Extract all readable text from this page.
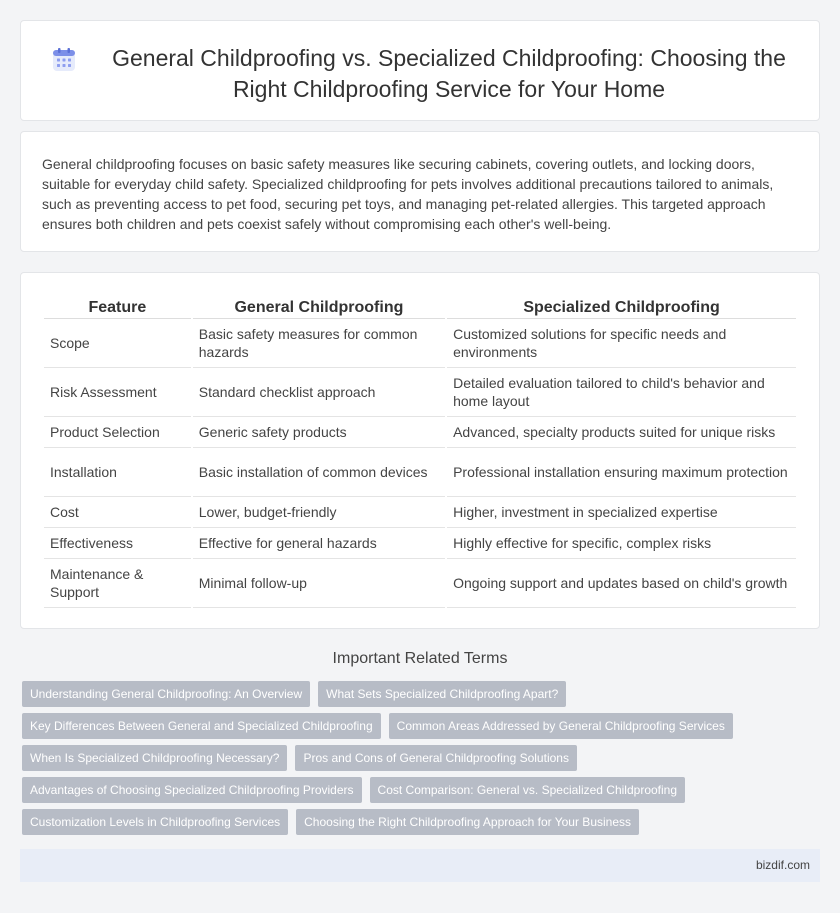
General Childproofing vs. Specialized Childproofing: Choosing the Right Childproofing Service for Your Home

General childproofing focuses on basic safety measures like securing cabinets, covering outlets, and locking doors, suitable for everyday child safety. Specialized childproofing for pets involves additional precautions tailored to animals, such as preventing access to pet food, securing pet toys, and managing pet-related allergies. This targeted approach ensures both children and pets coexist safely without compromising each other's well-being.

Feature	General Childproofing	Specialized Childproofing
Scope	Basic safety measures for common hazards	Customized solutions for specific needs and environments
Risk Assessment	Standard checklist approach	Detailed evaluation tailored to child's behavior and home layout
Product Selection	Generic safety products	Advanced, specialty products suited for unique risks
Installation	Basic installation of common devices	Professional installation ensuring maximum protection
Cost	Lower, budget-friendly	Higher, investment in specialized expertise
Effectiveness	Effective for general hazards	Highly effective for specific, complex risks
Maintenance & Support	Minimal follow-up	Ongoing support and updates based on child's growth
Important Related Terms
Understanding General Childproofing: An Overview	What Sets Specialized Childproofing Apart?
Key Differences Between General and Specialized Childproofing	Common Areas Addressed by General Childproofing Services
When Is Specialized Childproofing Necessary?	Pros and Cons of General Childproofing Solutions
Advantages of Choosing Specialized Childproofing Providers	Cost Comparison: General vs. Specialized Childproofing
Customization Levels in Childproofing Services	Choosing the Right Childproofing Approach for Your Business
bizdif.com
